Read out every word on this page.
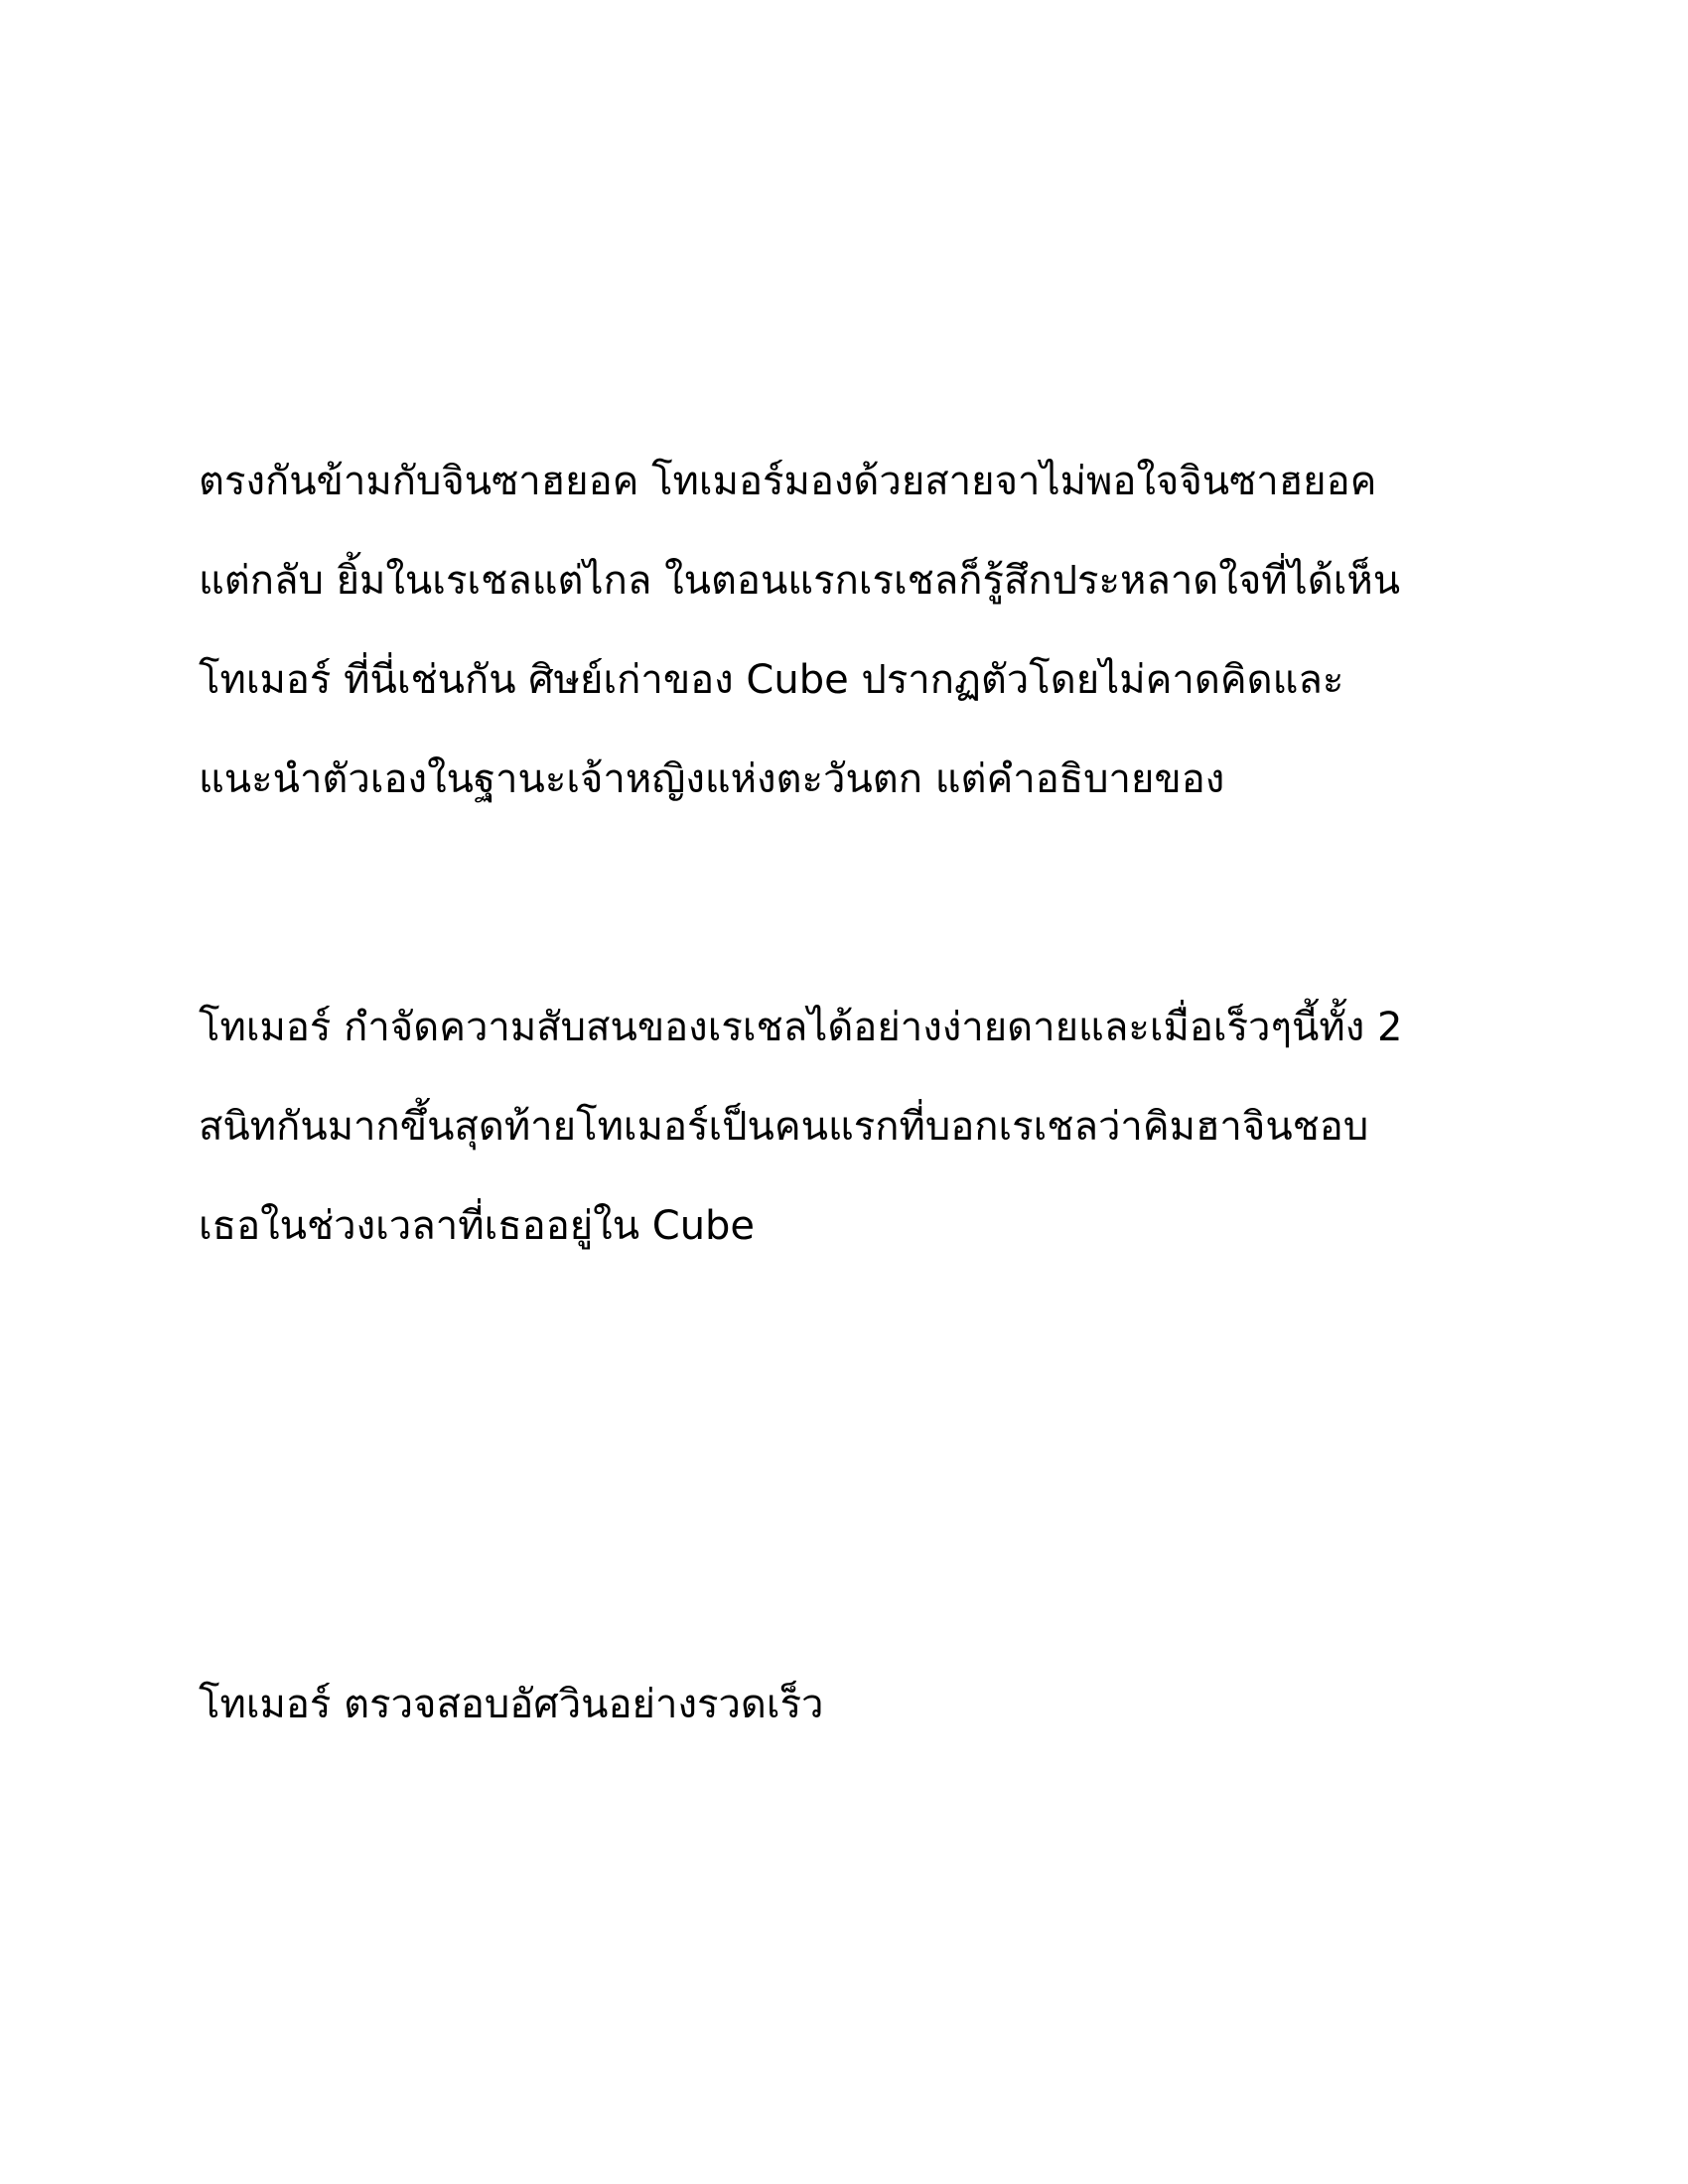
ตรงกันข้ามกับจินซาฮยอค โทเมอร์มองด้วยสายจาไม่พอใจจินซาฮยอค
แต่กลับ ยิ้มในเรเชลแต่ไกล ในตอนแรกเรเชลก็รู้สึกประหลาดใจที่ได้เห็น
โทเมอร์ ที่นี่เช่นกัน ศิษย์เก่าของ Cube ปรากฏตัวโดยไม่คาดคิดและ
แนะนำตัวเองในฐานะเจ้าหญิงแห่งตะวันตก แต่คำอธิบายของ

โทเมอร์ กำจัดความสับสนของเรเชลได้อย่างง่ายดายและเมื่อเร็วๆนี้ทั้ง 2
สนิทกันมากขึ้นสุดท้ายโทเมอร์เป็นคนแรกที่บอกเรเชลว่าคิมฮาจินชอบ
เธอในช่วงเวลาที่เธออยู่ใน Cube

โทเมอร์ ตรวจสอบอัศวินอย่างรวดเร็ว
